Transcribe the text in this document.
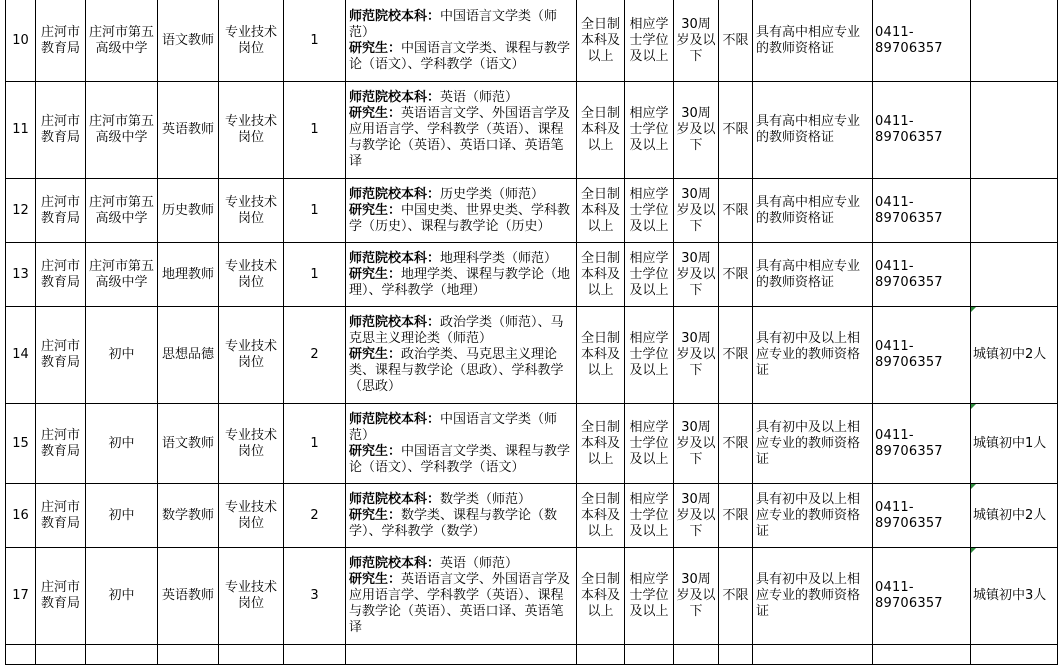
10	庄河市教育局	庄河市第五高级中学	语文教师	专业技术岗位	1	师范院校本科：中国语言文学类（师范）
研究生：中国语言文学类、课程与教学论（语文）、学科教学（语文）	全日制本科及以上	相应学士学位及以上	30周岁及以下	不限	具有高中相应专业的教师资格证	0411-89706357	
11	庄河市教育局	庄河市第五高级中学	英语教师	专业技术岗位	1	师范院校本科：英语（师范）
研究生：英语语言文学、外国语言学及应用语言学、学科教学（英语）、课程与教学论（英语）、英语口译、英语笔译	全日制本科及以上	相应学士学位及以上	30周岁及以下	不限	具有高中相应专业的教师资格证	0411-89706357	
12	庄河市教育局	庄河市第五高级中学	历史教师	专业技术岗位	1	师范院校本科：历史学类（师范）
研究生：中国史类、世界史类、学科教学（历史）、课程与教学论（历史）	全日制本科及以上	相应学士学位及以上	30周岁及以下	不限	具有高中相应专业的教师资格证	0411-89706357	
13	庄河市教育局	庄河市第五高级中学	地理教师	专业技术岗位	1	师范院校本科：地理科学类（师范）
研究生：地理学类、课程与教学论（地理）、学科教学（地理）	全日制本科及以上	相应学士学位及以上	30周岁及以下	不限	具有高中相应专业的教师资格证	0411-89706357	
14	庄河市教育局	初中	思想品德	专业技术岗位	2	师范院校本科：政治学类（师范）、马克思主义理论类（师范）
研究生：政治学类、马克思主义理论类、课程与教学论（思政）、学科教学（思政）	全日制本科及以上	相应学士学位及以上	30周岁及以下	不限	具有初中及以上相应专业的教师资格证	0411-89706357	城镇初中2人
15	庄河市教育局	初中	语文教师	专业技术岗位	1	师范院校本科：中国语言文学类（师范）
研究生：中国语言文学类、课程与教学论（语文）、学科教学（语文）	全日制本科及以上	相应学士学位及以上	30周岁及以下	不限	具有初中及以上相应专业的教师资格证	0411-89706357	城镇初中1人
16	庄河市教育局	初中	数学教师	专业技术岗位	2	师范院校本科：数学类（师范）
研究生：数学类、课程与教学论（数学）、学科教学（数学）	全日制本科及以上	相应学士学位及以上	30周岁及以下	不限	具有初中及以上相应专业的教师资格证	0411-89706357	城镇初中2人
17	庄河市教育局	初中	英语教师	专业技术岗位	3	师范院校本科：英语（师范）
研究生：英语语言文学、外国语言学及应用语言学、学科教学（英语）、课程与教学论（英语）、英语口译、英语笔译	全日制本科及以上	相应学士学位及以上	30周岁及以下	不限	具有初中及以上相应专业的教师资格证	0411-89706357	城镇初中3人
